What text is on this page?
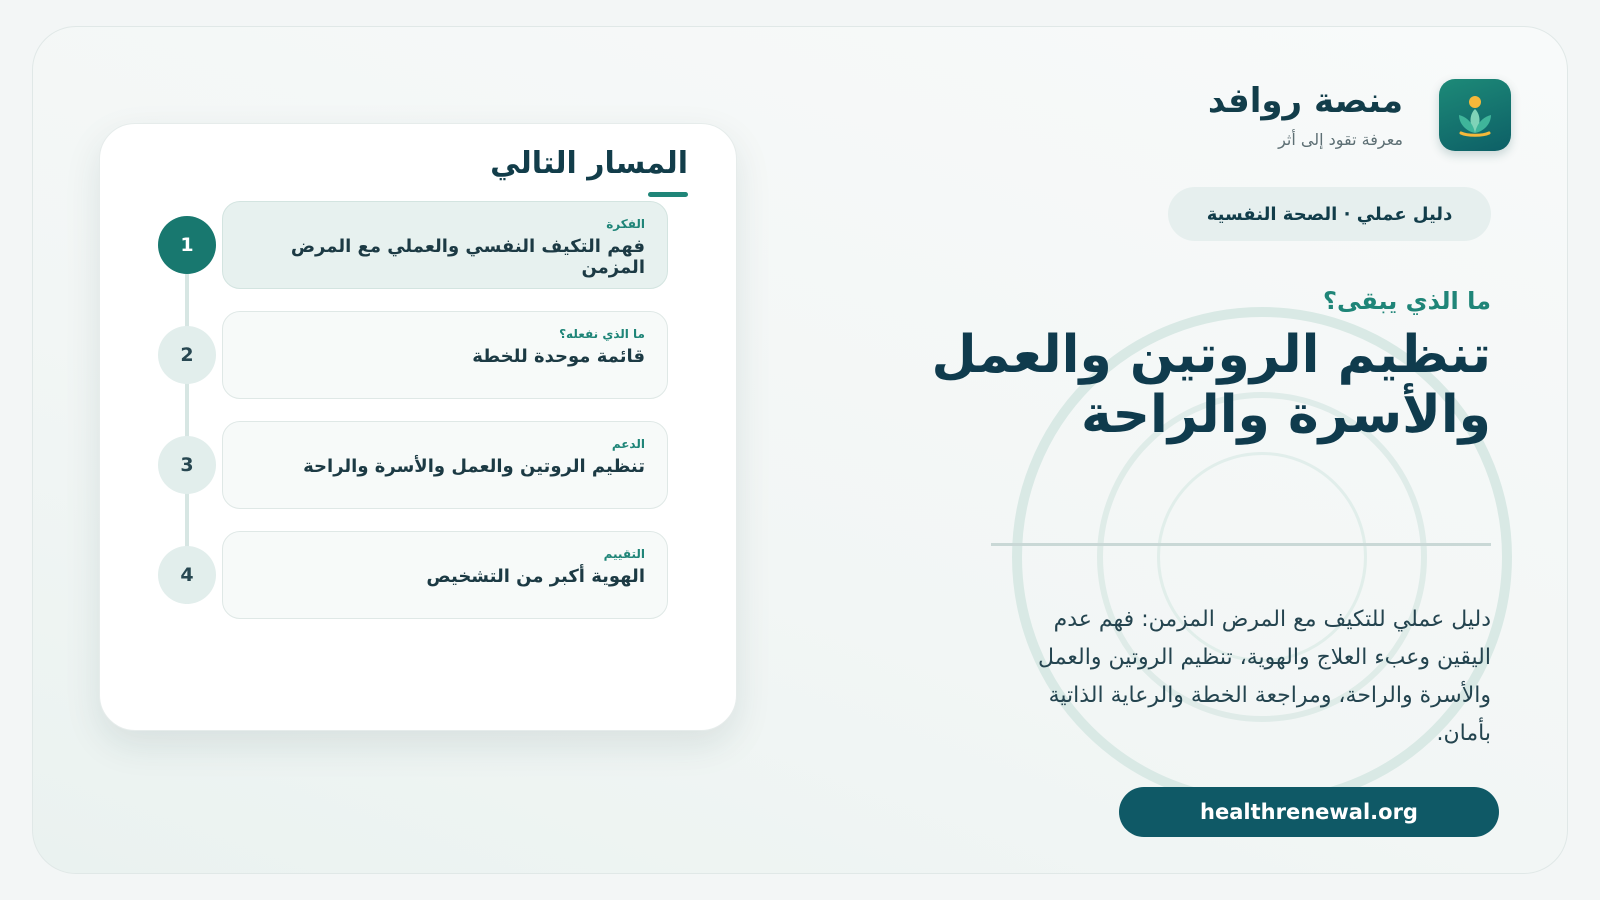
منصة روافد
معرفة تقود إلى أثر
دليل عملي · الصحة النفسية
ما الذي يبقى؟
تنظيم الروتين والعمل والأسرة والراحة
دليل عملي للتكيف مع المرض المزمن: فهم عدم اليقين وعبء العلاج والهوية، تنظيم الروتين والعمل والأسرة والراحة، ومراجعة الخطة والرعاية الذاتية بأمان.
healthrenewal.org
المسار التالي
1
الفكرة
فهم التكيف النفسي والعملي مع المرض المزمن
2
ما الذي نفعله؟
قائمة موحدة للخطة
3
الدعم
تنظيم الروتين والعمل والأسرة والراحة
4
التقييم
الهوية أكبر من التشخيص
